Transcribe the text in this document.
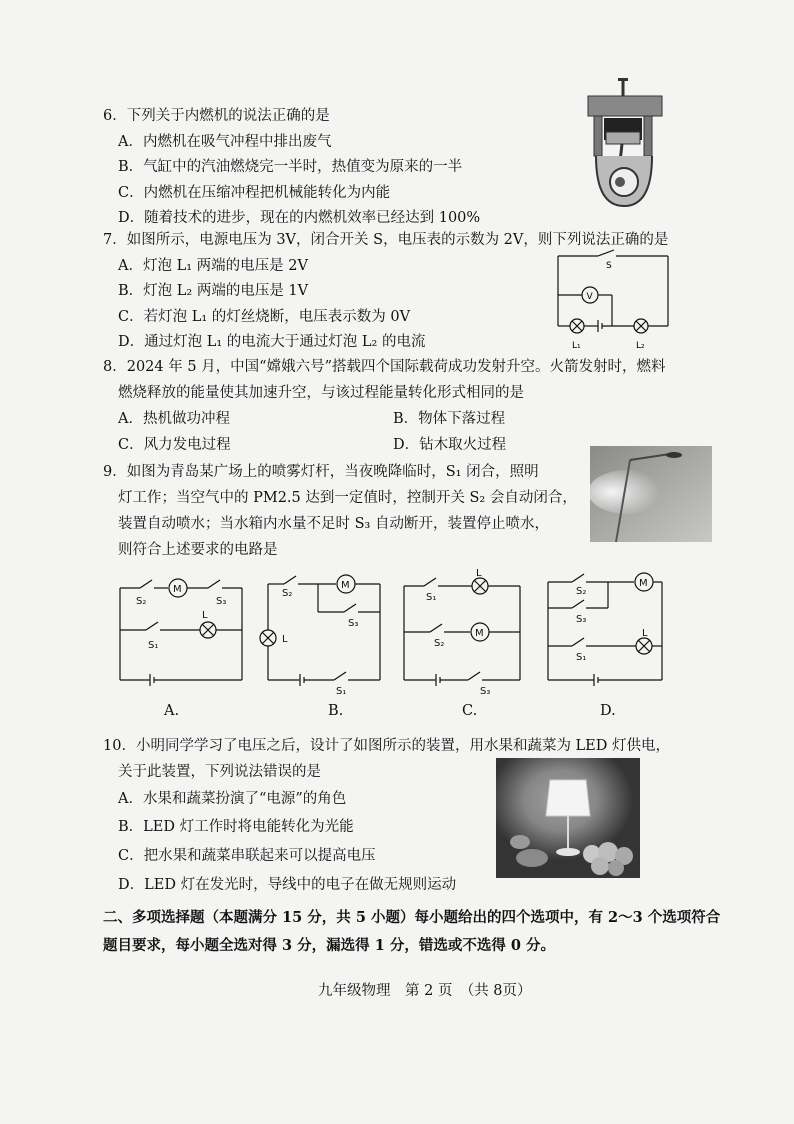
6．下列关于内燃机的说法正确的是
A．内燃机在吸气冲程中排出废气
B．气缸中的汽油燃烧完一半时，热值变为原来的一半
C．内燃机在压缩冲程把机械能转化为内能
D．随着技术的进步，现在的内燃机效率已经达到 100%
7．如图所示，电源电压为 3V，闭合开关 S，电压表的示数为 2V，则下列说法正确的是
A．灯泡 L₁ 两端的电压是 2V
B．灯泡 L₂ 两端的电压是 1V
C．若灯泡 L₁ 的灯丝烧断，电压表示数为 0V
D．通过灯泡 L₁ 的电流大于通过灯泡 L₂ 的电流
S
V
L₁	L₂
8．2024 年 5 月，中国“嫦娥六号”搭载四个国际载荷成功发射升空。火箭发射时，燃料
燃烧释放的能量使其加速升空，与该过程能量转化形式相同的是
A．热机做功冲程	B．物体下落过程
C．风力发电过程	D．钻木取火过程
9．如图为青岛某广场上的喷雾灯杆，当夜晚降临时，S₁ 闭合，照明
灯工作；当空气中的 PM2.5 达到一定值时，控制开关 S₂ 会自动闭合，
装置自动喷水；当水箱内水量不足时 S₃ 自动断开，装置停止喷水，
则符合上述要求的电路是
M
S₂	S₃
L
S₁
M
S₂
S₃
L
S₁
L
S₁
M
S₂
S₃
M
S₂
S₃
L
S₁
A.	B.	C.	D.
10．小明同学学习了电压之后，设计了如图所示的装置，用水果和蔬菜为 LED 灯供电，
关于此装置，下列说法错误的是
A．水果和蔬菜扮演了“电源”的角色
B．LED 灯工作时将电能转化为光能
C．把水果和蔬菜串联起来可以提高电压
D．LED 灯在发光时，导线中的电子在做无规则运动
二、多项选择题（本题满分 15 分，共 5 小题）每小题给出的四个选项中，有 2～3 个选项符合
题目要求，每小题全选对得 3 分，漏选得 1 分，错选或不选得 0 分。
九年级物理　第 2 页　（共 8页）
